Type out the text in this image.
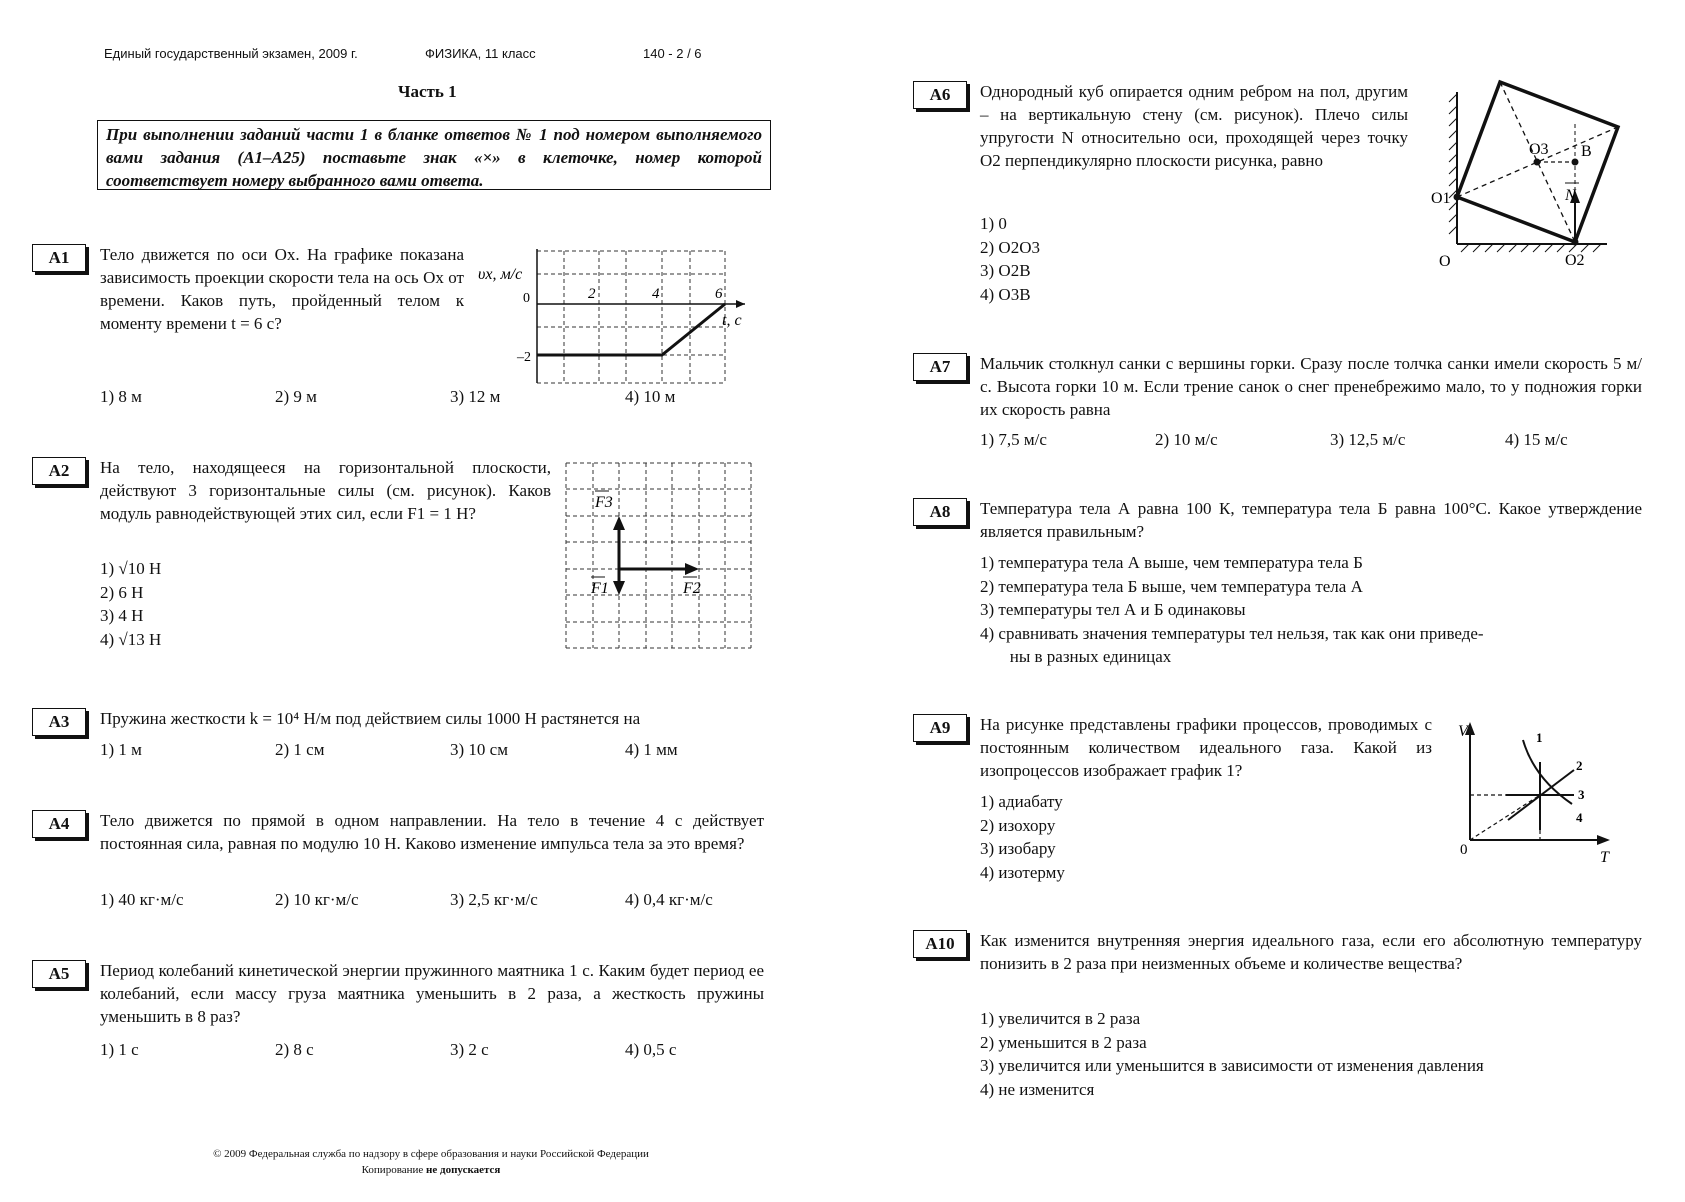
Единый государственный экзамен, 2009 г.	ФИЗИКА, 11 класс	140 - 2 / 6
Часть 1
При выполнении заданий части 1 в бланке ответов № 1 под номером выполняемого вами задания (А1–А25) поставьте знак «×» в клеточке, номер которой соответствует номеру выбранного вами ответа.
А1	Тело движется по оси Ох. На графике показана зависимость проекции скорости тела на ось Ох от времени. Каков путь, пройденный телом к моменту времени t = 6 с?
υx, м/с
0
–2
2	4	6
t, c
1) 8 м	2) 9 м	3) 12 м	4) 10 м
А2	На тело, находящееся на горизонтальной плоскости, действуют 3 горизонтальные силы (см. рисунок). Каков модуль равнодействующей этих сил, если F1 = 1 Н?
1) √10 Н
2) 6 Н
3) 4 Н
4) √13 Н
F3
F1	F2
А3	Пружина жесткости k = 10⁴ Н/м под действием силы 1000 Н растянется на
1) 1 м	2) 1 см	3) 10 см	4) 1 мм
А4	Тело движется по прямой в одном направлении. На тело в течение 4 с действует постоянная сила, равная по модулю 10 Н. Каково изменение импульса тела за это время?
1) 40 кг·м/с	2) 10 кг·м/с	3) 2,5 кг·м/с	4) 0,4 кг·м/с
А5	Период колебаний кинетической энергии пружинного маятника 1 с. Каким будет период ее колебаний, если массу груза маятника уменьшить в 2 раза, а жесткость пружины уменьшить в 8 раз?
1) 1 с	2) 8 с	3) 2 с	4) 0,5 с
© 2009 Федеральная служба по надзору в сфере образования и науки Российской Федерации
Копирование не допускается
А6	Однородный куб опирается одним ребром на пол, другим – на вертикальную стену (см. рисунок). Плечо силы упругости N относительно оси, проходящей через точку O2 перпендикулярно плоскости рисунка, равно
1) 0
2) O2O3
3) O2B
4) O3B
O1
O	O2
O3 B
N
А7	Мальчик столкнул санки с вершины горки. Сразу после толчка санки имели скорость 5 м/с. Высота горки 10 м. Если трение санок о снег пренебрежимо мало, то у подножия горки их скорость равна
1) 7,5 м/с	2) 10 м/с	3) 12,5 м/с	4) 15 м/с
А8	Температура тела А равна 100 К, температура тела Б равна 100°С. Какое утверждение является правильным?
1) температура тела А выше, чем температура тела Б
2) температура тела Б выше, чем температура тела А
3) температуры тел А и Б одинаковы
4) сравнивать значения температуры тел нельзя, так как они приведе-
ны в разных единицах
А9	На рисунке представлены графики процессов, проводимых с постоянным количеством идеального газа. Какой из изопроцессов изображает график 1?
1) адиабату
2) изохору
3) изобару
4) изотерму
V
T
0
1
2
3
4
А10	Как изменится внутренняя энергия идеального газа, если его абсолютную температуру понизить в 2 раза при неизменных объеме и количестве вещества?
1) увеличится в 2 раза
2) уменьшится в 2 раза
3) увеличится или уменьшится в зависимости от изменения давления
4) не изменится
